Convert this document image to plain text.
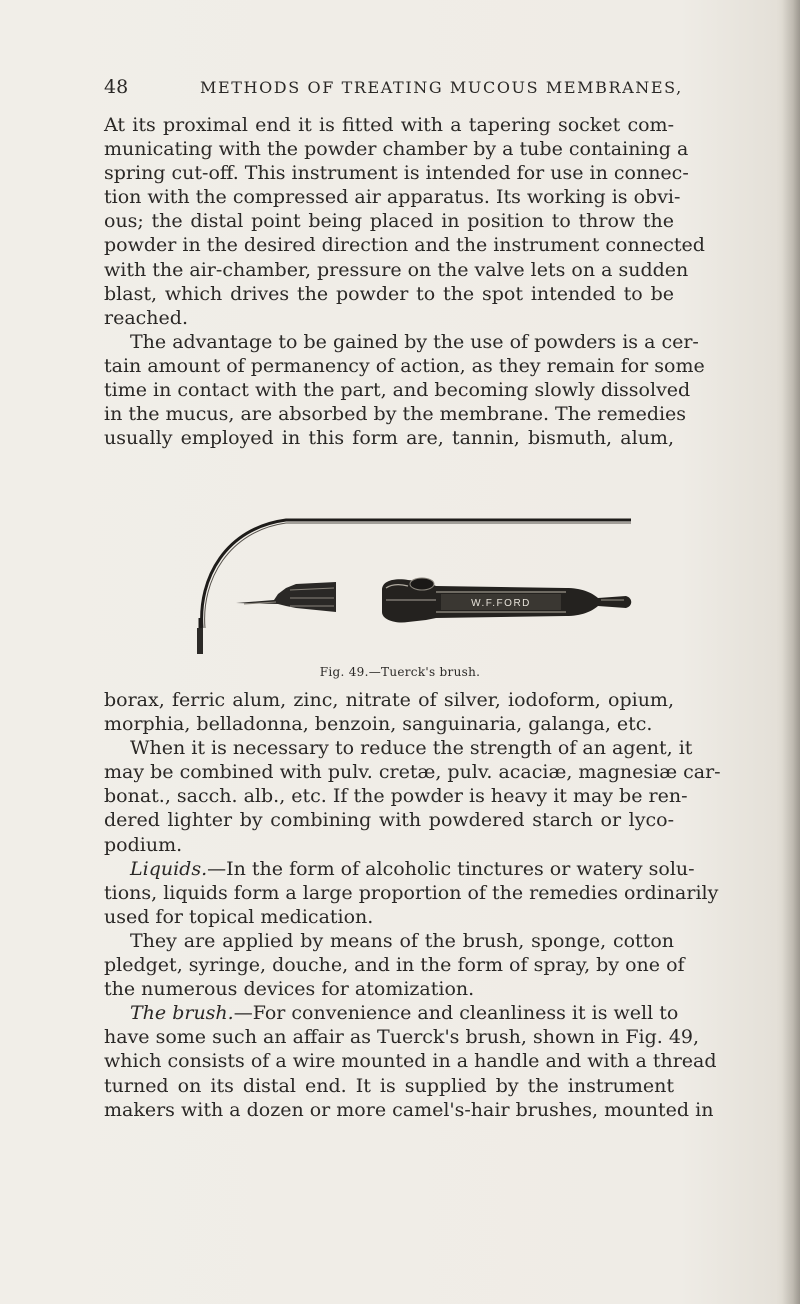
48	METHODS OF TREATING MUCOUS MEMBRANES,
At its proximal end it is fitted with a tapering socket com-
municating with the powder chamber by a tube containing a
spring cut-off. This instrument is intended for use in connec-
tion with the compressed air apparatus. Its working is obvi-
ous; the distal point being placed in position to throw the
powder in the desired direction and the instrument connected
with the air-chamber, pressure on the valve lets on a sudden
blast, which drives the powder to the spot intended to be
reached.
The advantage to be gained by the use of powders is a cer-
tain amount of permanency of action, as they remain for some
time in contact with the part, and becoming slowly dissolved
in the mucus, are absorbed by the membrane. The remedies
usually employed in this form are, tannin, bismuth, alum,
W.F.FORD
Fig. 49.—Tuerck's brush.
borax, ferric alum, zinc, nitrate of silver, iodoform, opium,
morphia, belladonna, benzoin, sanguinaria, galanga, etc.
When it is necessary to reduce the strength of an agent, it
may be combined with pulv. cretæ, pulv. acaciæ, magnesiæ car-
bonat., sacch. alb., etc. If the powder is heavy it may be ren-
dered lighter by combining with powdered starch or lyco-
podium.
Liquids.—In the form of alcoholic tinctures or watery solu-
tions, liquids form a large proportion of the remedies ordinarily
used for topical medication.
They are applied by means of the brush, sponge, cotton
pledget, syringe, douche, and in the form of spray, by one of
the numerous devices for atomization.
The brush.—For convenience and cleanliness it is well to
have some such an affair as Tuerck's brush, shown in Fig. 49,
which consists of a wire mounted in a handle and with a thread
turned on its distal end. It is supplied by the instrument
makers with a dozen or more camel's-hair brushes, mounted in
